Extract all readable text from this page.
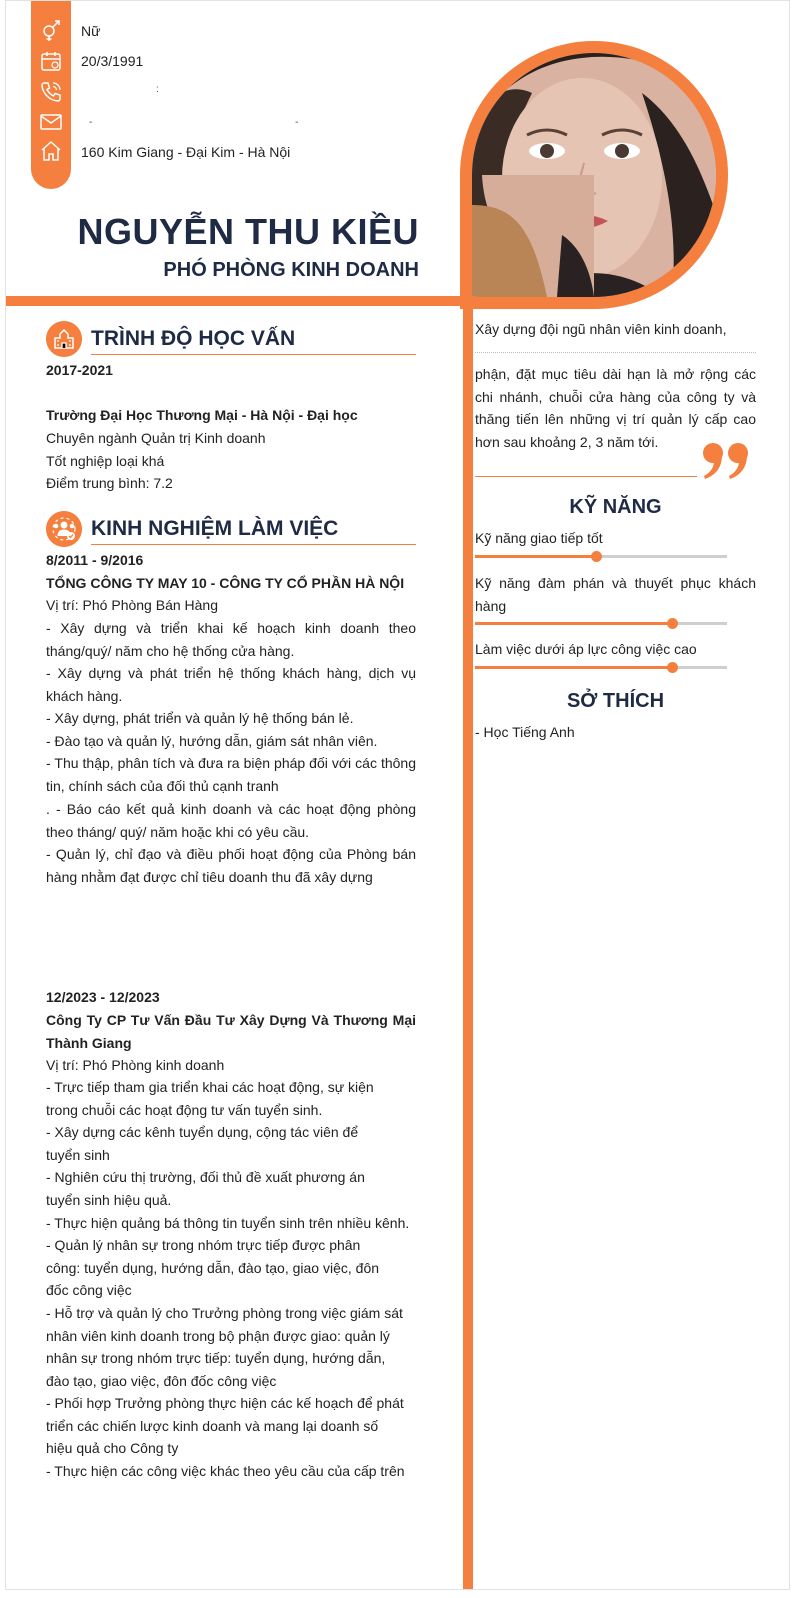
Nữ
20/3/1991
:
- -
160 Kim Giang - Đại Kim - Hà Nội
NGUYỄN THU KIỀU
PHÓ PHÒNG KINH DOANH
TRÌNH ĐỘ HỌC VẤN
2017-2021
Trường Đại Học Thương Mại - Hà Nội - Đại học
Chuyên ngành Quản trị Kinh doanh
Tốt nghiệp loại khá
Điểm trung bình: 7.2
KINH NGHIỆM LÀM VIỆC
8/2011 - 9/2016
TỔNG CÔNG TY MAY 10 - CÔNG TY CỔ PHẦN HÀ NỘI
Vị trí: Phó Phòng Bán Hàng
- Xây dựng và triển khai kế hoạch kinh doanh theo tháng/quý/ năm cho hệ thống cửa hàng.
- Xây dựng và phát triển hệ thống khách hàng, dịch vụ khách hàng.
- Xây dựng, phát triển và quản lý hệ thống bán lẻ.
- Đào tạo và quản lý, hướng dẫn, giám sát nhân viên.
- Thu thập, phân tích và đưa ra biện pháp đối với các thông tin, chính sách của đối thủ cạnh tranh
. - Báo cáo kết quả kinh doanh và các hoạt động phòng theo tháng/ quý/ năm hoặc khi có yêu cầu.
- Quản lý, chỉ đạo và điều phối hoạt động của Phòng bán hàng nhằm đạt được chỉ tiêu doanh thu đã xây dựng
12/2023 - 12/2023
Công Ty CP Tư Vấn Đầu Tư Xây Dựng Và Thương Mại Thành Giang
Vị trí: Phó Phòng kinh doanh
- Trực tiếp tham gia triển khai các hoạt động, sự kiện trong chuỗi các hoạt động tư vấn tuyển sinh.
- Xây dựng các kênh tuyển dụng, cộng tác viên để tuyển sinh
- Nghiên cứu thị trường, đối thủ đề xuất phương án tuyển sinh hiệu quả.
- Thực hiện quảng bá thông tin tuyển sinh trên nhiều kênh.
- Quản lý nhân sự trong nhóm trực tiếp được phân công: tuyển dụng, hướng dẫn, đào tạo, giao việc, đôn đốc công việc
- Hỗ trợ và quản lý cho Trưởng phòng trong việc giám sát nhân viên kinh doanh trong bộ phận được giao: quản lý nhân sự trong nhóm trực tiếp: tuyển dụng, hướng dẫn, đào tạo, giao việc, đôn đốc công việc
- Phối hợp Trưởng phòng thực hiện các kế hoạch để phát triển các chiến lược kinh doanh và mang lại doanh số hiệu quả cho Công ty
- Thực hiện các công việc khác theo yêu cầu của cấp trên
Xây dựng đội ngũ nhân viên kinh doanh,
phận, đặt mục tiêu dài hạn là mở rộng các chi nhánh, chuỗi cửa hàng của công ty và thăng tiến lên những vị trí quản lý cấp cao hơn sau khoảng 2, 3 năm tới.
KỸ NĂNG
Kỹ năng giao tiếp tốt
Kỹ năng đàm phán và thuyết phục khách hàng
Làm việc dưới áp lực công việc cao
SỞ THÍCH
- Học Tiếng Anh
